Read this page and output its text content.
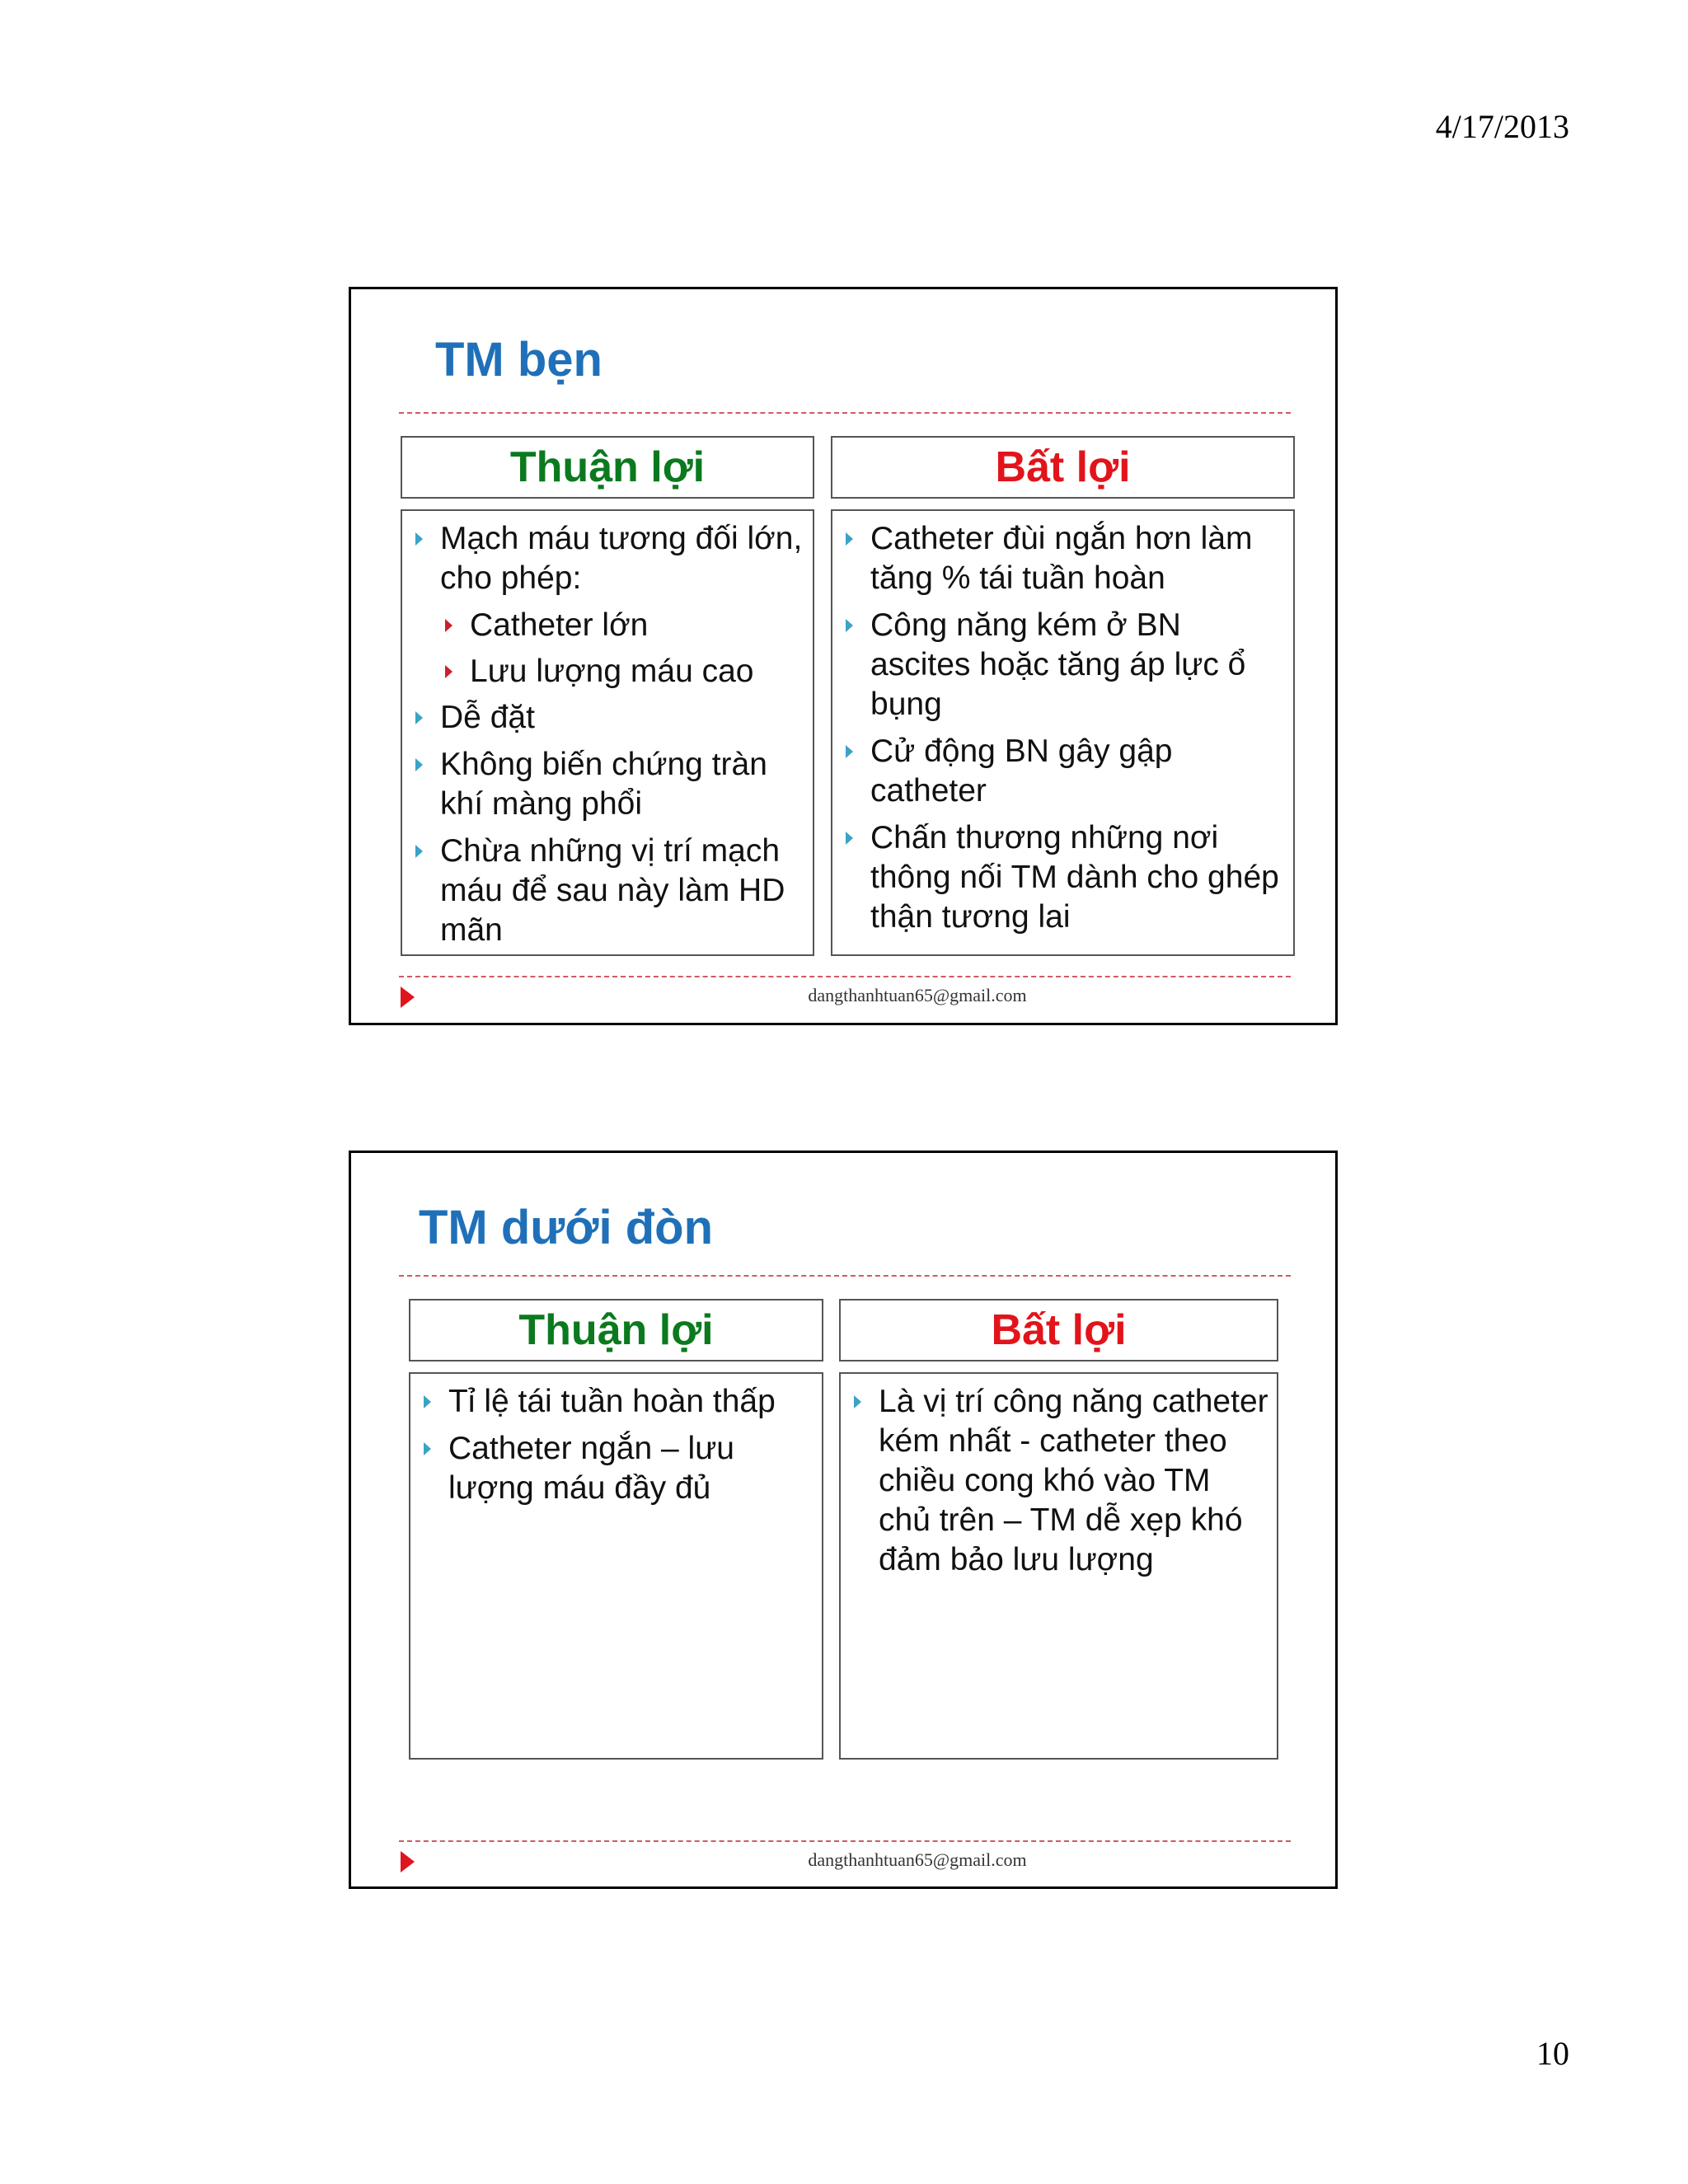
4/17/2013
TM bẹn
Thuận lợi	Bất lợi
Mạch máu tương đối lớn, cho phép:
Catheter lớn
Lưu lượng máu cao
Dễ đặt
Không biến chứng tràn khí màng phổi
Chừa những vị trí mạch máu để sau này làm HD mãn
Catheter đùi ngắn hơn làm tăng % tái tuần hoàn
Công năng kém ở BN ascites hoặc tăng áp lực ổ bụng
Cử động BN gây gập catheter
Chấn thương những nơi thông nối TM dành cho ghép thận tương lai
dangthanhtuan65@gmail.com
TM dưới đòn
Thuận lợi	Bất lợi
Tỉ lệ tái tuần hoàn thấp
Catheter ngắn – lưu lượng máu đầy đủ
Là vị trí công năng catheter kém nhất - catheter theo chiều cong khó vào TM chủ trên – TM dễ xẹp khó đảm bảo lưu lượng
dangthanhtuan65@gmail.com
10
